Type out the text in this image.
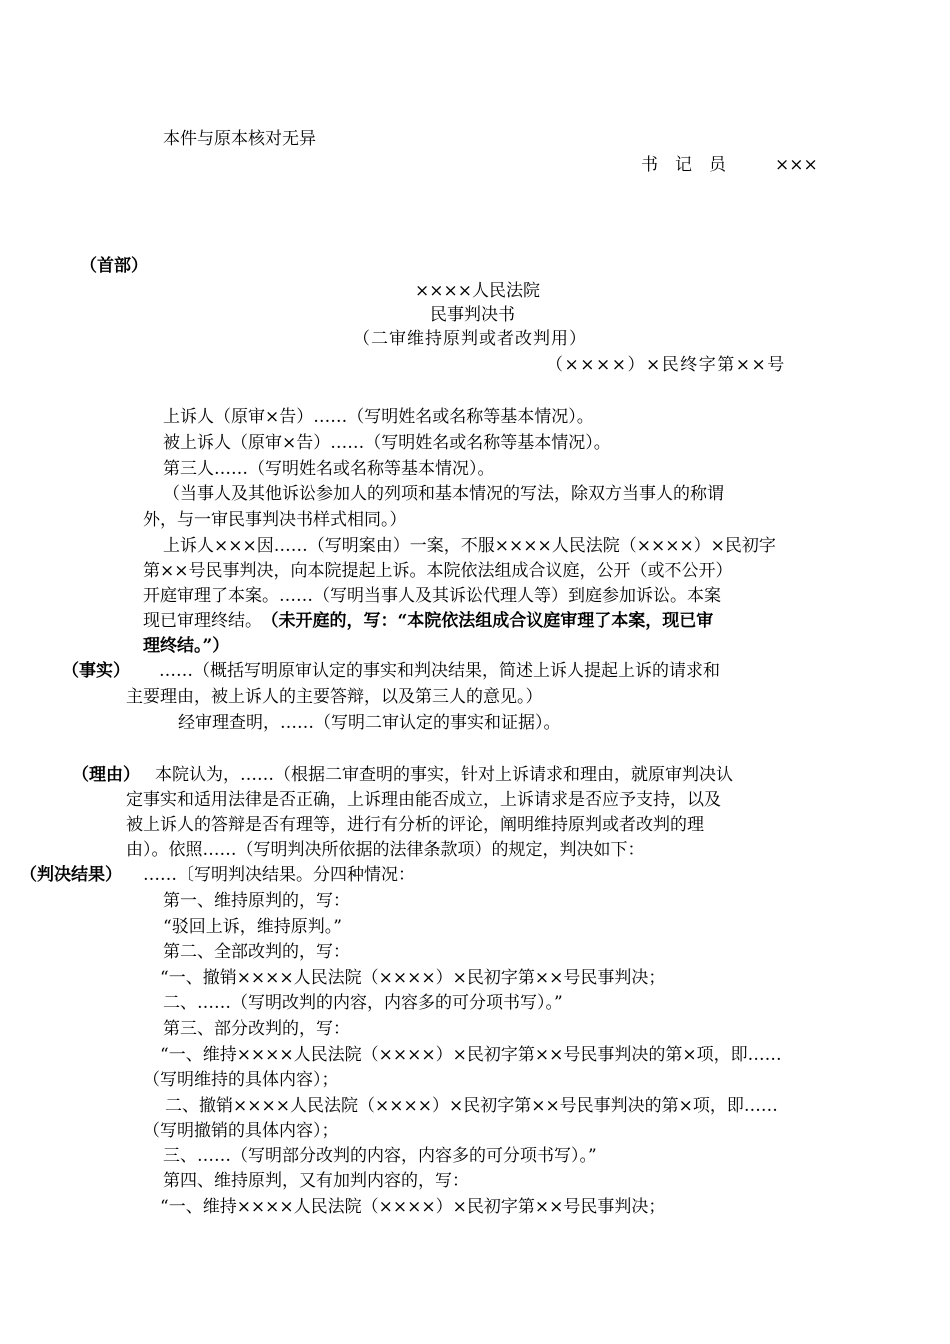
本件与原本核对无异
书　记　员	×××
（首部）
××××人民法院
民事判决书
（二审维持原判或者改判用）
（××××）×民终字第××号
上诉人（原审×告）……（写明姓名或名称等基本情况）。
被上诉人（原审×告）……（写明姓名或名称等基本情况）。
第三人……（写明姓名或名称等基本情况）。
（当事人及其他诉讼参加人的列项和基本情况的写法，除双方当事人的称谓
外，与一审民事判决书样式相同。）
上诉人×××因……（写明案由）一案，不服××××人民法院（××××）×民初字
第××号民事判决，向本院提起上诉。本院依法组成合议庭，公开（或不公开）
开庭审理了本案。……（写明当事人及其诉讼代理人等）到庭参加诉讼。本案
现已审理终结。 （未开庭的，写：“本院依法组成合议庭审理了本案，现已审
理终结。”）
（事实） ……（概括写明原审认定的事实和判决结果，简述上诉人提起上诉的请求和
主要理由，被上诉人的主要答辩，以及第三人的意见。）
经审理查明，……（写明二审认定的事实和证据）。
（理由） 本院认为，……（根据二审查明的事实，针对上诉请求和理由，就原审判决认
定事实和适用法律是否正确，上诉理由能否成立，上诉请求是否应予支持，以及
被上诉人的答辩是否有理等，进行有分析的评论，阐明维持原判或者改判的理
由）。依照……（写明判决所依据的法律条款项）的规定，判决如下：
（判决结果） ……〔写明判决结果。分四种情况：
第一、维持原判的，写：
“驳回上诉，维持原判。”
第二、全部改判的，写：
“一、撤销××××人民法院（××××）×民初字第××号民事判决；
二、……（写明改判的内容，内容多的可分项书写）。”
第三、部分改判的，写：
“一、维持××××人民法院（××××）×民初字第××号民事判决的第×项，即……
（写明维持的具体内容）；
二、撤销××××人民法院（××××）×民初字第××号民事判决的第×项，即……
（写明撤销的具体内容）；
三、……（写明部分改判的内容，内容多的可分项书写）。”
第四、维持原判，又有加判内容的，写：
“一、维持××××人民法院（××××）×民初字第××号民事判决；
